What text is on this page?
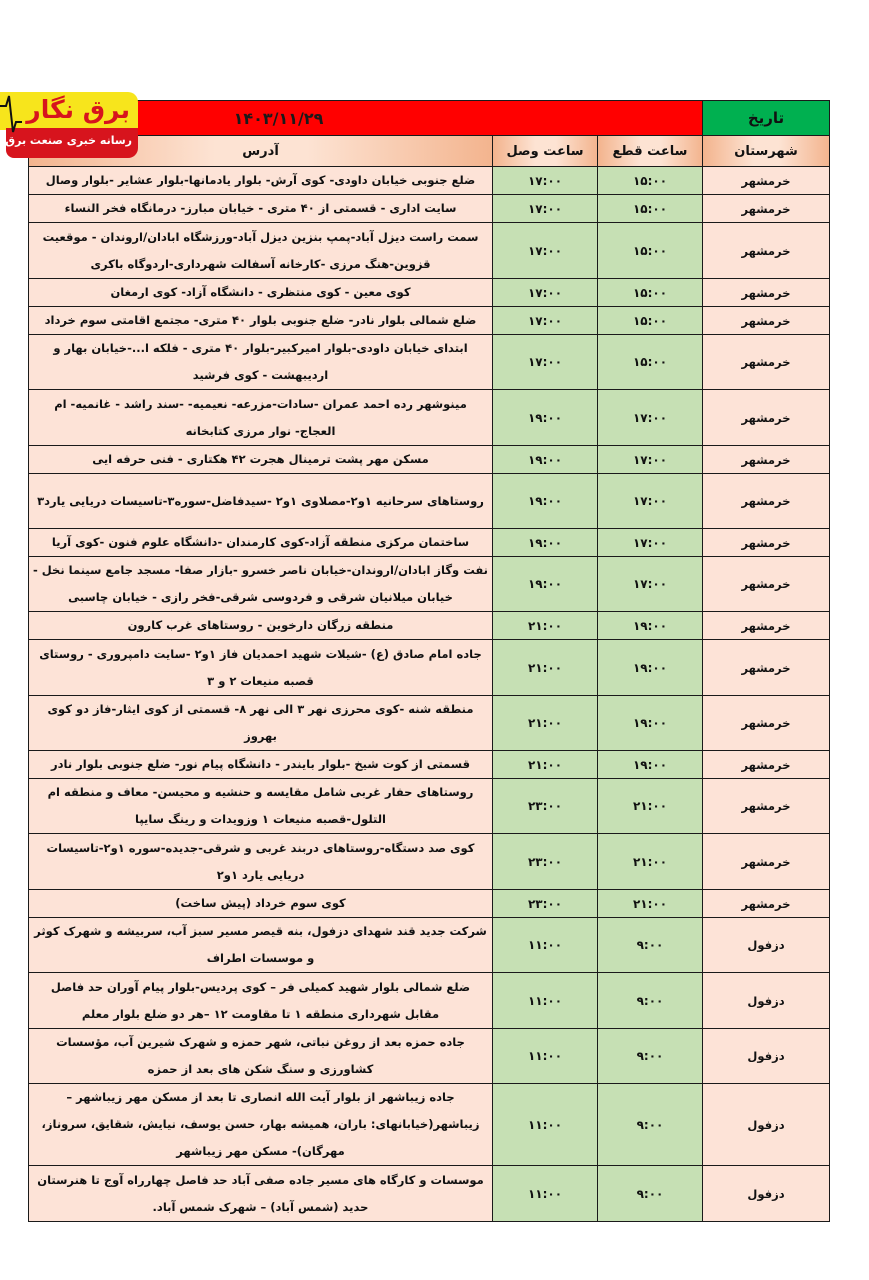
برق نگار
رسانه خبری صنعت برق
تاریخ	۱۴۰۳/۱۱/۲۹		
شهرستان	ساعت قطع	ساعت وصل	آدرس
خرمشهر	۱۵:۰۰	۱۷:۰۰	ضلع جنوبی خیابان داودی- کوی آرش- بلوار یادمانها-بلوار عشایر -بلوار وصال
خرمشهر	۱۵:۰۰	۱۷:۰۰	سایت اداری - قسمتی از ۴۰ متری - خیابان مبارز- درمانگاه فخر النساء
خرمشهر	۱۵:۰۰	۱۷:۰۰	سمت راست دیزل آباد-پمپ بنزین دیزل آباد-ورزشگاه ابادان/اروندان - موقعیت قزوین-هنگ مرزی -کارخانه آسفالت شهرداری-اردوگاه باکری
خرمشهر	۱۵:۰۰	۱۷:۰۰	کوی معین - کوی منتظری - دانشگاه آزاد- کوی ارمغان
خرمشهر	۱۵:۰۰	۱۷:۰۰	ضلع شمالی بلوار نادر- ضلع جنوبی بلوار ۴۰ متری- مجتمع اقامتی سوم خرداد
خرمشهر	۱۵:۰۰	۱۷:۰۰	ابتدای خیابان داودی-بلوار امیرکبیر-بلوار ۴۰ متری - فلکه ا...-خیابان بهار و اردیبهشت - کوی فرشید
خرمشهر	۱۷:۰۰	۱۹:۰۰	مینوشهر رده احمد عمران -سادات-مزرعه- نعیمیه- -سند راشد - غانمیه- ام العجاج- نوار مرزی کتابخانه
خرمشهر	۱۷:۰۰	۱۹:۰۰	مسکن مهر پشت ترمینال هجرت ۴۲ هکتاری - فنی حرفه ایی
خرمشهر	۱۷:۰۰	۱۹:۰۰	روستاهای سرحانیه ۱و۲-مصلاوی ۱و۲ -سیدفاضل-سوره۳-تاسیسات دریایی یارد۳
خرمشهر	۱۷:۰۰	۱۹:۰۰	ساختمان مرکزی منطقه آزاد-کوی کارمندان -دانشگاه علوم فنون -کوی آریا
خرمشهر	۱۷:۰۰	۱۹:۰۰	نفت وگاز ابادان/اروندان-خیابان ناصر خسرو -بازار صفا- مسجد جامع سینما نخل - خیابان میلانیان شرقی و فردوسی شرقی-فخر رازی - خیابان چاسبی
خرمشهر	۱۹:۰۰	۲۱:۰۰	منطقه زرگان دارخوین - روستاهای غرب کارون
خرمشهر	۱۹:۰۰	۲۱:۰۰	جاده امام صادق (ع) -شیلات شهید احمدیان فاز ۱و۲ -سایت دامپروری - روستای قصبه منیعات ۲ و ۳
خرمشهر	۱۹:۰۰	۲۱:۰۰	منطقه شنه -کوی محرزی نهر ۳ الی نهر ۸- قسمتی از کوی ایثار-فاز دو کوی بهروز
خرمشهر	۱۹:۰۰	۲۱:۰۰	قسمتی از کوت شیخ -بلوار بایندر - دانشگاه پیام نور- ضلع جنوبی بلوار نادر
خرمشهر	۲۱:۰۰	۲۳:۰۰	روستاهای حفار غربی شامل مقایسه و حنشیه و محیسن- معاف و منطقه ام التلول-قصبه منیعات ۱ وزویدات و رینگ سایپا
خرمشهر	۲۱:۰۰	۲۳:۰۰	کوی صد دستگاه-روستاهای دربند غربی و شرقی-جدیده-سوره ۱و۲-تاسیسات دریایی یارد ۱و۲
خرمشهر	۲۱:۰۰	۲۳:۰۰	کوی سوم خرداد (پیش ساخت)
دزفول	۹:۰۰	۱۱:۰۰	شرکت جدید قند شهدای دزفول، بنه قیصر مسیر سبز آب، سربیشه و شهرک کوثر و موسسات اطراف
دزفول	۹:۰۰	۱۱:۰۰	ضلع شمالی بلوار شهید کمیلی فر – کوی پردیس-بلوار پیام آوران حد فاصل مقابل شهرداری منطقه ۱ تا مقاومت ۱۲ –هر دو ضلع بلوار معلم
دزفول	۹:۰۰	۱۱:۰۰	جاده حمزه بعد از روغن نباتی، شهر حمزه و شهرک شیرین آب، مؤسسات کشاورزی و سنگ شکن های بعد از حمزه
دزفول	۹:۰۰	۱۱:۰۰	جاده زیباشهر از بلوار آیت الله انصاری تا بعد از مسکن مهر زیباشهر – زیباشهر(خیابانهای: باران، همیشه بهار، حسن یوسف، نیایش، شقایق، سروناز، مهرگان)- مسکن مهر زیباشهر
دزفول	۹:۰۰	۱۱:۰۰	موسسات و کارگاه های مسیر جاده صفی آباد حد فاصل چهارراه آوج تا هنرستان حدید (شمس آباد) – شهرک شمس آباد.
